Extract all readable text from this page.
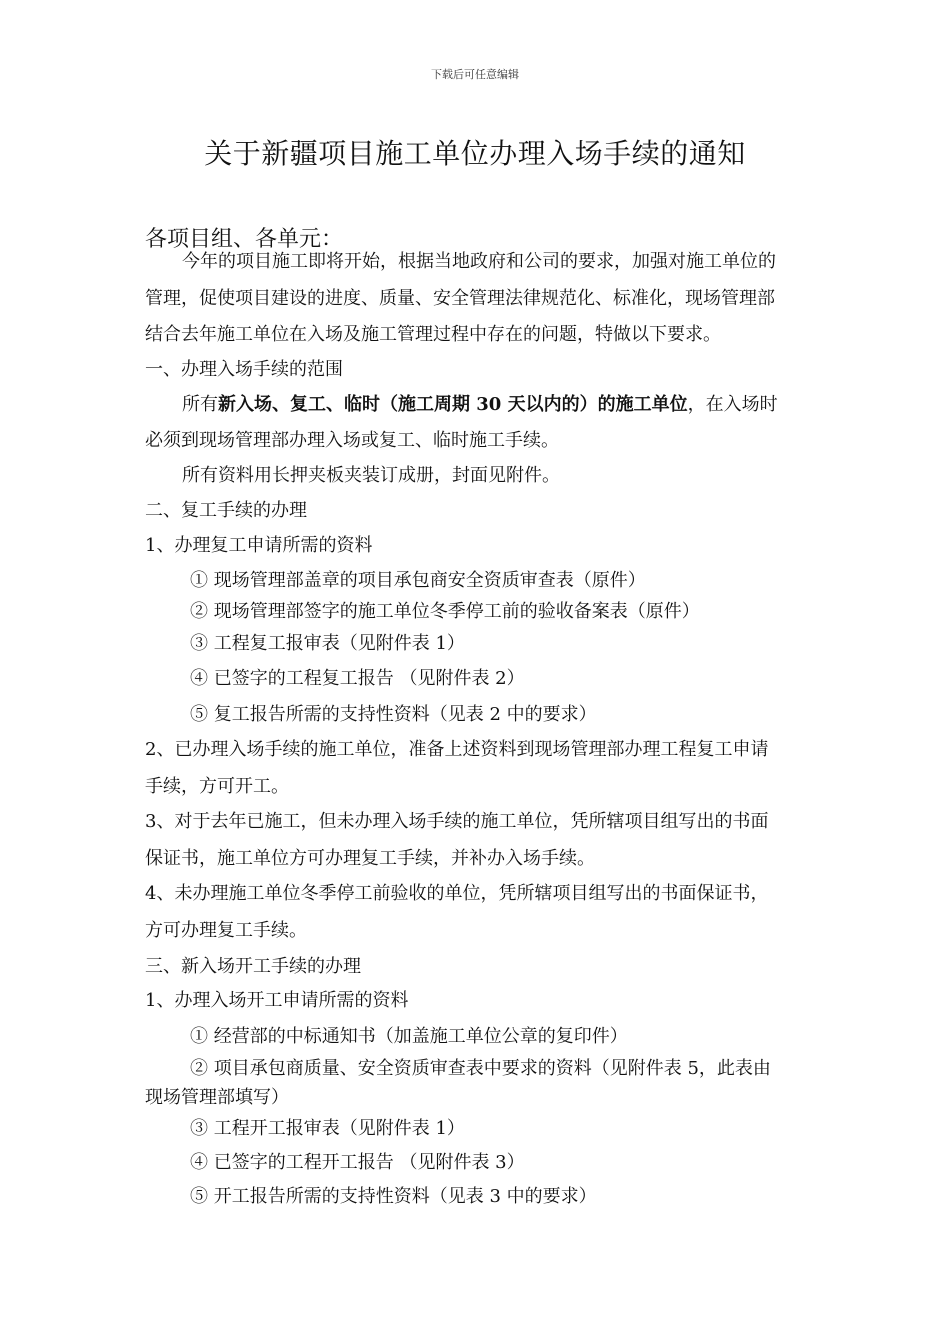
下载后可任意编辑
关于新疆项目施工单位办理入场手续的通知
各项目组、各单元：
今年的项目施工即将开始，根据当地政府和公司的要求，加强对施工单位的
管理，促使项目建设的进度、质量、安全管理法律规范化、标准化，现场管理部
结合去年施工单位在入场及施工管理过程中存在的问题，特做以下要求。
一、办理入场手续的范围
所有新入场、复工、临时（施工周期 30 天以内的）的施工单位，在入场时
必须到现场管理部办理入场或复工、临时施工手续。
所有资料用长押夹板夹装订成册，封面见附件。
二、复工手续的办理
1、办理复工申请所需的资料
① 现场管理部盖章的项目承包商安全资质审查表（原件）
② 现场管理部签字的施工单位冬季停工前的验收备案表（原件）
③ 工程复工报审表（见附件表 1）
④ 已签字的工程复工报告 （见附件表 2）
⑤ 复工报告所需的支持性资料（见表 2 中的要求）
2、已办理入场手续的施工单位，准备上述资料到现场管理部办理工程复工申请
手续，方可开工。
3、对于去年已施工，但未办理入场手续的施工单位，凭所辖项目组写出的书面
保证书，施工单位方可办理复工手续，并补办入场手续。
4、未办理施工单位冬季停工前验收的单位，凭所辖项目组写出的书面保证书，
方可办理复工手续。
三、新入场开工手续的办理
1、办理入场开工申请所需的资料
① 经营部的中标通知书（加盖施工单位公章的复印件）
② 项目承包商质量、安全资质审查表中要求的资料（见附件表 5，此表由
现场管理部填写）
③ 工程开工报审表（见附件表 1）
④ 已签字的工程开工报告 （见附件表 3）
⑤ 开工报告所需的支持性资料（见表 3 中的要求）
